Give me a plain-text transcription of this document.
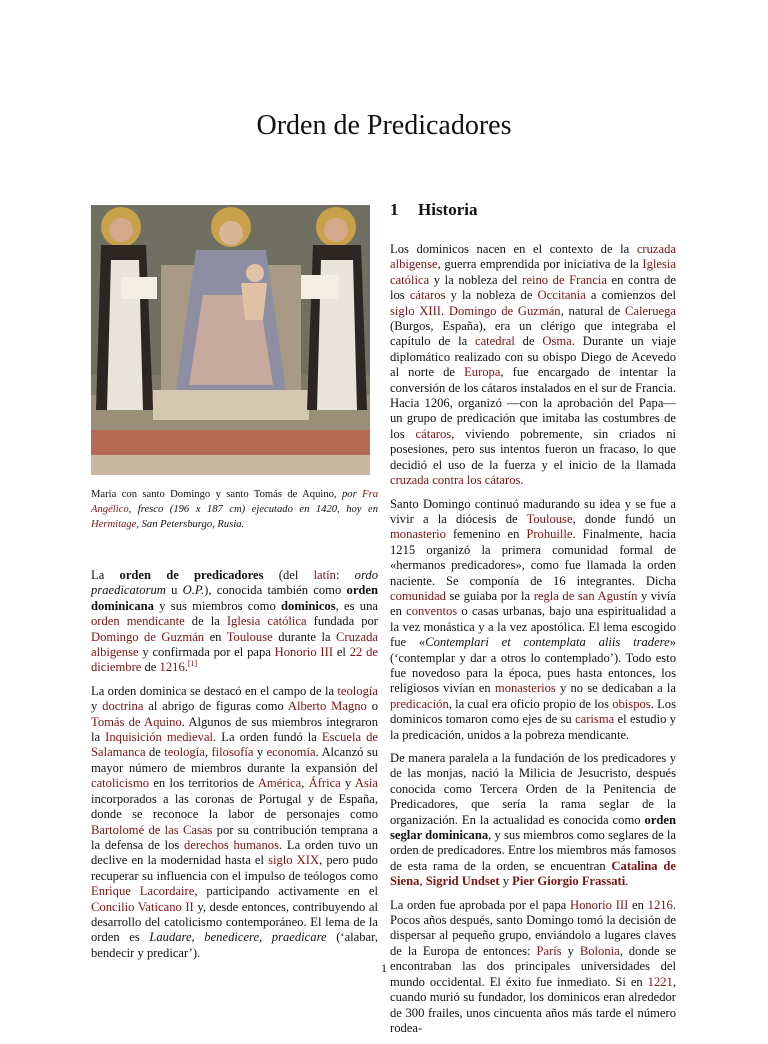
Orden de Predicadores
María con santo Domingo y santo Tomás de Aquino, por Fra Angélico, fresco (196 x 187 cm) ejecutado en 1420, hoy en Hermitage, San Petersburgo, Rusia.

La orden de predicadores (del latín: ordo praedicatorum u O.P.), conocida también como orden dominicana y sus miembros como dominicos, es una orden mendicante de la Iglesia católica fundada por Domingo de Guzmán en Toulouse durante la Cruzada albigense y confirmada por el papa Honorio III el 22 de diciembre de 1216.[1]

La orden dominica se destacó en el campo de la teología y doctrina al abrigo de figuras como Alberto Magno o Tomás de Aquino. Algunos de sus miembros integraron la Inquisición medieval. La orden fundó la Escuela de Salamanca de teología, filosofía y economía. Alcanzó su mayor número de miembros durante la expansión del catolicismo en los territorios de América, África y Asia incorporados a las coronas de Portugal y de España, donde se reconoce la labor de personajes como Bartolomé de las Casas por su contribución temprana a la defensa de los derechos humanos. La orden tuvo un declive en la modernidad hasta el siglo XIX, pero pudo recuperar su influencia con el impulso de teólogos como Enrique Lacordaire, participando activamente en el Concilio Vaticano II y, desde entonces, contribuyendo al desarrollo del catolicismo contemporáneo. El lema de la orden es Laudare, benedicere, praedicare (‘alabar, bendecir y predicar’).

1 Historia

Los dominicos nacen en el contexto de la cruzada albigense, guerra emprendida por iniciativa de la Iglesia católica y la nobleza del reino de Francia en contra de los cátaros y la nobleza de Occitania a comienzos del siglo XIII. Domingo de Guzmán, natural de Caleruega (Burgos, España), era un clérigo que integraba el capítulo de la catedral de Osma. Durante un viaje diplomático realizado con su obispo Diego de Acevedo al norte de Europa, fue encargado de intentar la conversión de los cátaros instalados en el sur de Francia. Hacia 1206, organizó —con la aprobación del Papa— un grupo de predicación que imitaba las costumbres de los cátaros, viviendo pobremente, sin criados ni posesiones, pero sus intentos fueron un fracaso, lo que decidió el uso de la fuerza y el inicio de la llamada cruzada contra los cátaros.

Santo Domingo continuó madurando su idea y se fue a vivir a la diócesis de Toulouse, donde fundó un monasterio femenino en Prohuille. Finalmente, hacia 1215 organizó la primera comunidad formal de «hermanos predicadores», como fue llamada la orden naciente. Se componía de 16 integrantes. Dicha comunidad se guiaba por la regla de san Agustín y vivía en conventos o casas urbanas, bajo una espiritualidad a la vez monástica y a la vez apostólica. El lema escogido fue «Contemplari et contemplata aliis tradere» (‘contemplar y dar a otros lo contemplado’). Todo esto fue novedoso para la época, pues hasta entonces, los religiosos vivían en monasterios y no se dedicaban a la predicación, la cual era oficio propio de los obispos. Los dominicos tomaron como ejes de su carisma el estudio y la predicación, unidos a la pobreza mendicante.

De manera paralela a la fundación de los predicadores y de las monjas, nació la Milicia de Jesucristo, después conocida como Tercera Orden de la Penitencia de Predicadores, que sería la rama seglar de la organización. En la actualidad es conocida como orden seglar dominicana, y sus miembros como seglares de la orden de predicadores. Entre los miembros más famosos de esta rama de la orden, se encuentran Catalina de Siena, Sigrid Undset y Pier Giorgio Frassati.

La orden fue aprobada por el papa Honorio III en 1216. Pocos años después, santo Domingo tomó la decisión de dispersar al pequeño grupo, enviándolo a lugares claves de la Europa de entonces: París y Bolonia, donde se encontraban las dos principales universidades del mundo occidental. El éxito fue inmediato. Si en 1221, cuando murió su fundador, los dominicos eran alrededor de 300 frailes, unos cincuenta años más tarde el número rodea-

1
